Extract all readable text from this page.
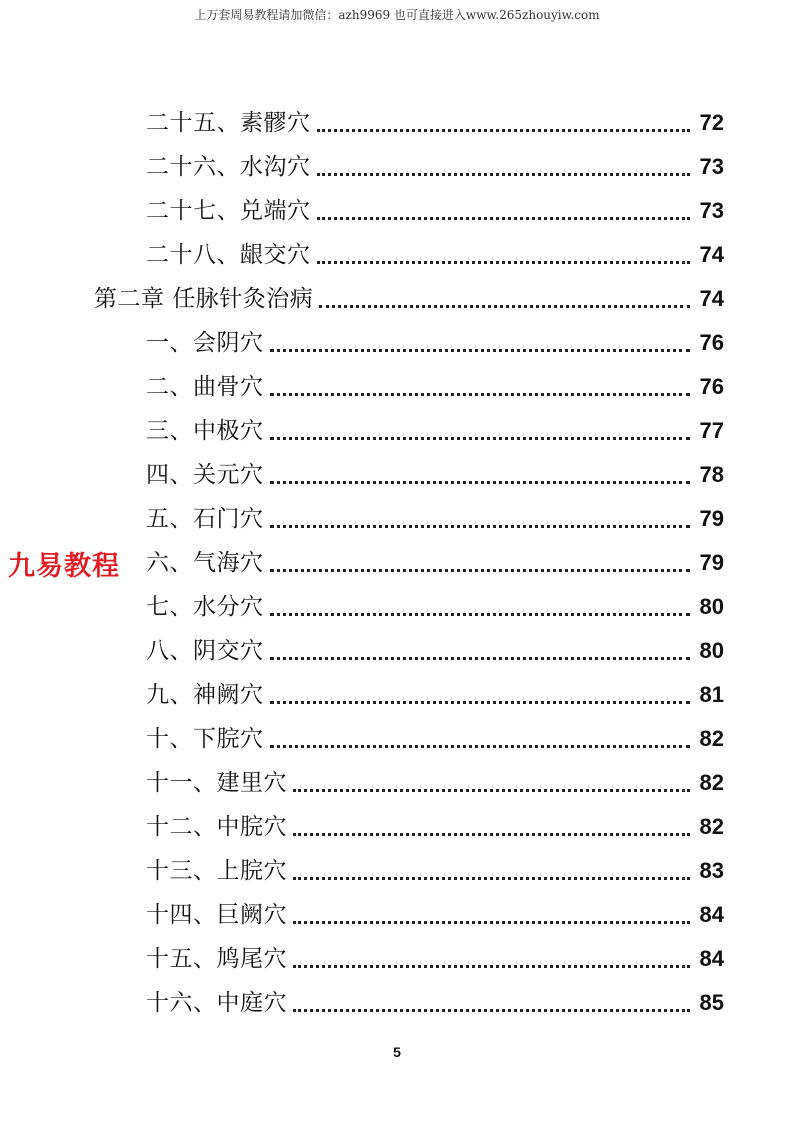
上万套周易教程请加微信：azh9969 也可直接进入www.265zhouyiw.com
二十五、素髎穴	72
二十六、水沟穴	73
二十七、兑端穴	73
二十八、龈交穴	74
第二章 任脉针灸治病	74
一、会阴穴	76
二、曲骨穴	76
三、中极穴	77
四、关元穴	78
五、石门穴	79
六、气海穴	79
七、水分穴	80
八、阴交穴	80
九、神阙穴	81
十、下脘穴	82
十一、建里穴	82
十二、中脘穴	82
十三、上脘穴	83
十四、巨阙穴	84
十五、鸠尾穴	84
十六、中庭穴	85
九易教程
5
